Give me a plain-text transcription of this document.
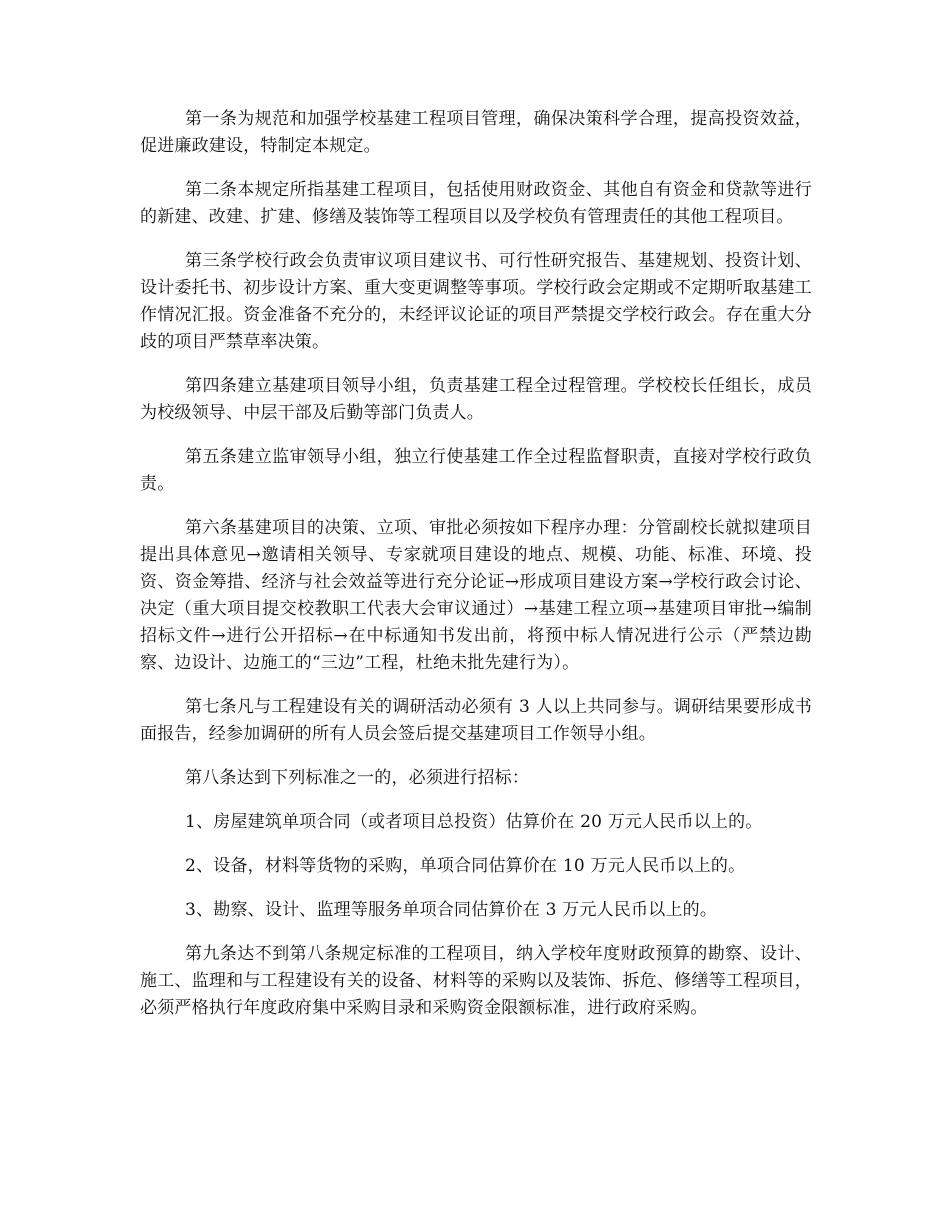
第一条为规范和加强学校基建工程项目管理，确保决策科学合理，提高投资效益，促进廉政建设，特制定本规定。

第二条本规定所指基建工程项目，包括使用财政资金、其他自有资金和贷款等进行的新建、改建、扩建、修缮及装饰等工程项目以及学校负有管理责任的其他工程项目。

第三条学校行政会负责审议项目建议书、可行性研究报告、基建规划、投资计划、设计委托书、初步设计方案、重大变更调整等事项。学校行政会定期或不定期听取基建工作情况汇报。资金准备不充分的，未经评议论证的项目严禁提交学校行政会。存在重大分歧的项目严禁草率决策。

第四条建立基建项目领导小组，负责基建工程全过程管理。学校校长任组长，成员为校级领导、中层干部及后勤等部门负责人。

第五条建立监审领导小组，独立行使基建工作全过程监督职责，直接对学校行政负责。

第六条基建项目的决策、立项、审批必须按如下程序办理：分管副校长就拟建项目提出具体意见→邀请相关领导、专家就项目建设的地点、规模、功能、标准、环境、投资、资金筹措、经济与社会效益等进行充分论证→形成项目建设方案→学校行政会讨论、决定（重大项目提交校教职工代表大会审议通过）→基建工程立项→基建项目审批→编制招标文件→进行公开招标→在中标通知书发出前，将预中标人情况进行公示（严禁边勘察、边设计、边施工的“三边”工程，杜绝未批先建行为）。

第七条凡与工程建设有关的调研活动必须有 3 人以上共同参与。调研结果要形成书面报告，经参加调研的所有人员会签后提交基建项目工作领导小组。

第八条达到下列标准之一的，必须进行招标：

1、房屋建筑单项合同（或者项目总投资）估算价在 20 万元人民币以上的。

2、设备，材料等货物的采购，单项合同估算价在 10 万元人民币以上的。

3、勘察、设计、监理等服务单项合同估算价在 3 万元人民币以上的。

第九条达不到第八条规定标准的工程项目，纳入学校年度财政预算的勘察、设计、施工、监理和与工程建设有关的设备、材料等的采购以及装饰、拆危、修缮等工程项目，必须严格执行年度政府集中采购目录和采购资金限额标准，进行政府采购。
